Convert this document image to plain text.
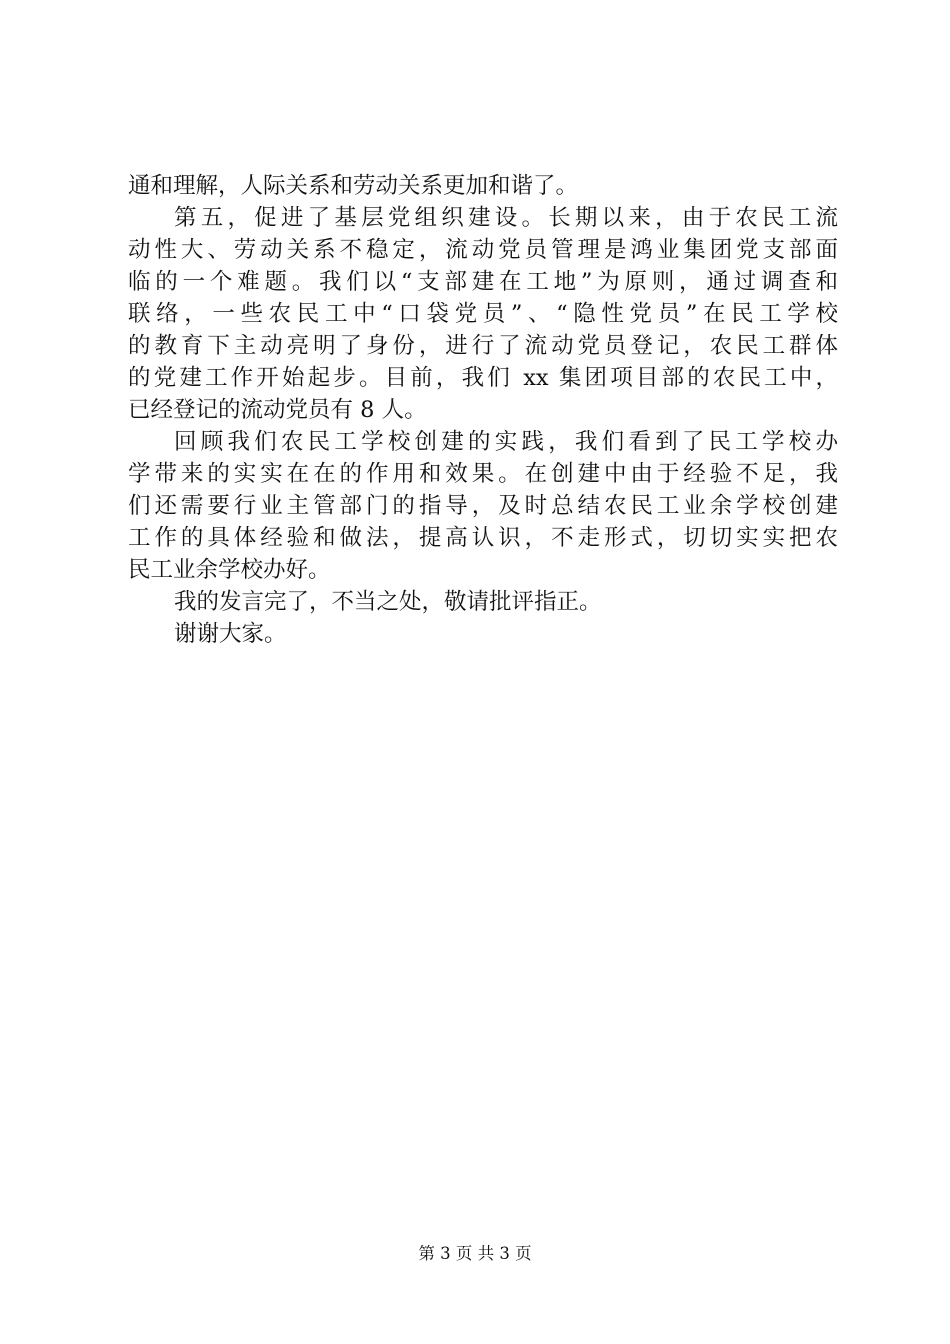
通和理解，人际关系和劳动关系更加和谐了。
第五，促进了基层党组织建设。长期以来，由于农民工流
动性大、劳动关系不稳定，流动党员管理是鸿业集团党支部面
临的一个难题。我们以“支部建在工地”为原则，通过调查和
联络，一些农民工中“口袋党员”、“隐性党员”在民工学校
的教育下主动亮明了身份，进行了流动党员登记，农民工群体
的党建工作开始起步。目前，我们 xx 集团项目部的农民工中，
已经登记的流动党员有 8 人。
回顾我们农民工学校创建的实践，我们看到了民工学校办
学带来的实实在在的作用和效果。在创建中由于经验不足，我
们还需要行业主管部门的指导，及时总结农民工业余学校创建
工作的具体经验和做法，提高认识，不走形式，切切实实把农
民工业余学校办好。
我的发言完了，不当之处，敬请批评指正。
谢谢大家。
第 3 页 共 3 页
